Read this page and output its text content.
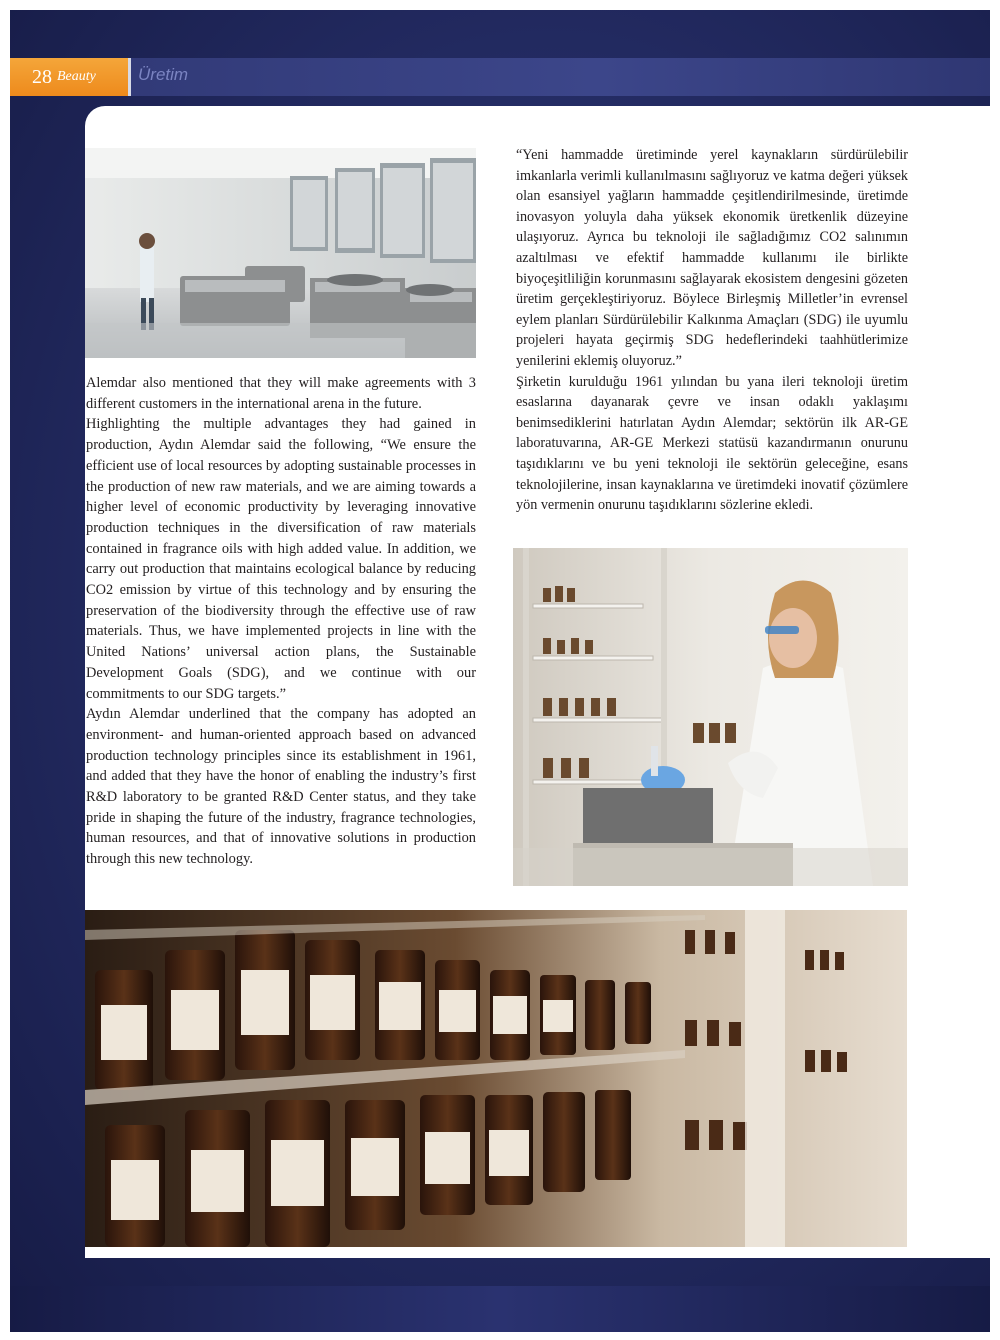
28 Beauty Üretim

Alemdar also mentioned that they will make agreements with 3 different customers in the international arena in the future.

Highlighting the multiple advantages they had gained in production, Aydın Alemdar said the following, “We ensure the efficient use of local resources by adopting sustainable processes in the production of new raw materials, and we are aiming towards a higher level of economic productivity by leveraging innovative production techniques in the diversification of raw materials contained in fragrance oils with high added value. In addition, we carry out production that maintains ecological balance by reducing CO2 emission by virtue of this technology and by ensuring the preservation of the biodiversity through the effective use of raw materials. Thus, we have implemented projects in line with the United Nations’ universal action plans, the Sustainable Development Goals (SDG), and we continue with our commitments to our SDG targets.”

Aydın Alemdar underlined that the company has adopted an environment- and human-oriented approach based on advanced production technology principles since its establishment in 1961, and added that they have the honor of enabling the industry’s first R&D laboratory to be granted R&D Center status, and they take pride in shaping the future of the industry, fragrance technologies, human resources, and that of innovative solutions in production through this new technology.

“Yeni hammadde üretiminde yerel kaynakların sürdürülebilir imkanlarla verimli kullanılmasını sağlıyoruz ve katma değeri yüksek olan esansiyel yağların hammadde çeşitlendirilmesinde, üretimde inovasyon yoluyla daha yüksek ekonomik üretkenlik düzeyine ulaşıyoruz. Ayrıca bu teknoloji ile sağladığımız CO2 salınımın azaltılması ve efektif hammadde kullanımı ile birlikte biyoçeşitliliğin korunmasını sağlayarak ekosistem dengesini gözeten üretim gerçekleştiriyoruz. Böylece Birleşmiş Milletler’in evrensel eylem planları Sürdürülebilir Kalkınma Amaçları (SDG) ile uyumlu projeleri hayata geçirmiş SDG hedeflerindeki taahhütlerimize yenilerini eklemiş oluyoruz.”

Şirketin kurulduğu 1961 yılından bu yana ileri teknoloji üretim esaslarına dayanarak çevre ve insan odaklı yaklaşımı benimsediklerini hatırlatan Aydın Alemdar; sektörün ilk AR-GE laboratuvarına, AR-GE Merkezi statüsü kazandırmanın onurunu taşıdıklarını ve bu yeni teknoloji ile sektörün geleceğine, esans teknolojilerine, insan kaynaklarına ve üretimdeki inovatif çözümlere yön vermenin onurunu taşıdıklarını sözlerine ekledi.
